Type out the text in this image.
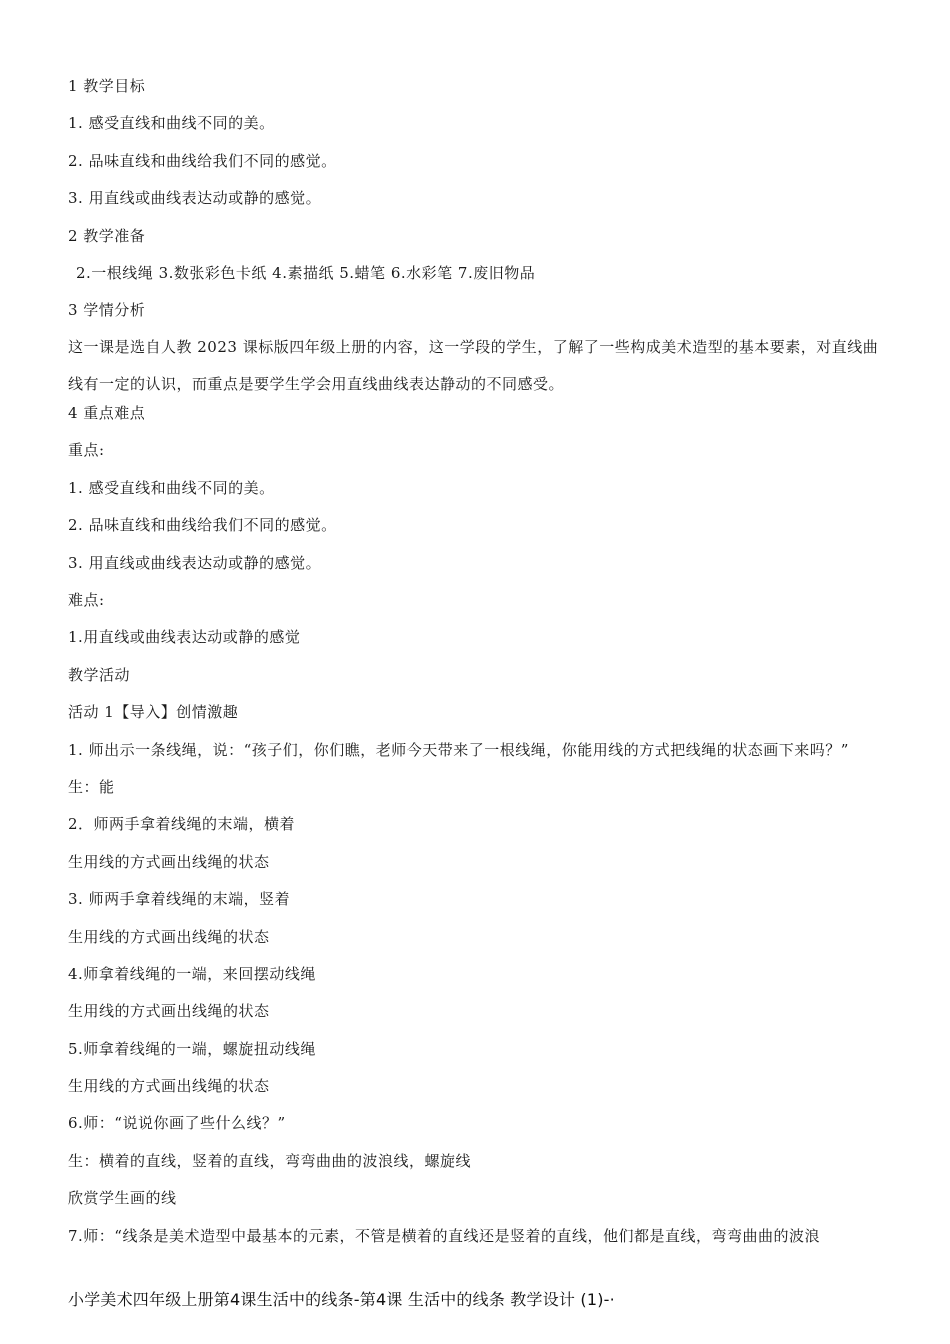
1 教学目标
1. 感受直线和曲线不同的美。
2. 品味直线和曲线给我们不同的感觉。
3. 用直线或曲线表达动或静的感觉。
2 教学准备
2.一根线绳 3.数张彩色卡纸 4.素描纸 5.蜡笔 6.水彩笔 7.废旧物品
3 学情分析
这一课是选自人教 2023 课标版四年级上册的内容，这一学段的学生，了解了一些构成美术造型的基本要素，对直线曲线有一定的认识，而重点是要学生学会用直线曲线表达静动的不同感受。
4 重点难点
重点:
1. 感受直线和曲线不同的美。
2. 品味直线和曲线给我们不同的感觉。
3. 用直线或曲线表达动或静的感觉。
难点:
1.用直线或曲线表达动或静的感觉
教学活动
活动 1【导入】创情激趣
1. 师出示一条线绳，说：“孩子们，你们瞧，老师今天带来了一根线绳，你能用线的方式把线绳的状态画下来吗？”
生：能
2．师两手拿着线绳的末端，横着
生用线的方式画出线绳的状态
3. 师两手拿着线绳的末端，竖着
生用线的方式画出线绳的状态
4.师拿着线绳的一端，来回摆动线绳
生用线的方式画出线绳的状态
5.师拿着线绳的一端，螺旋扭动线绳
生用线的方式画出线绳的状态
6.师：“说说你画了些什么线？”
生：横着的直线，竖着的直线，弯弯曲曲的波浪线，螺旋线
欣赏学生画的线
7.师：“线条是美术造型中最基本的元素，不管是横着的直线还是竖着的直线，他们都是直线，弯弯曲曲的波浪
小学美术四年级上册第4课生活中的线条-第4课 生活中的线条 教学设计 (1)-·
